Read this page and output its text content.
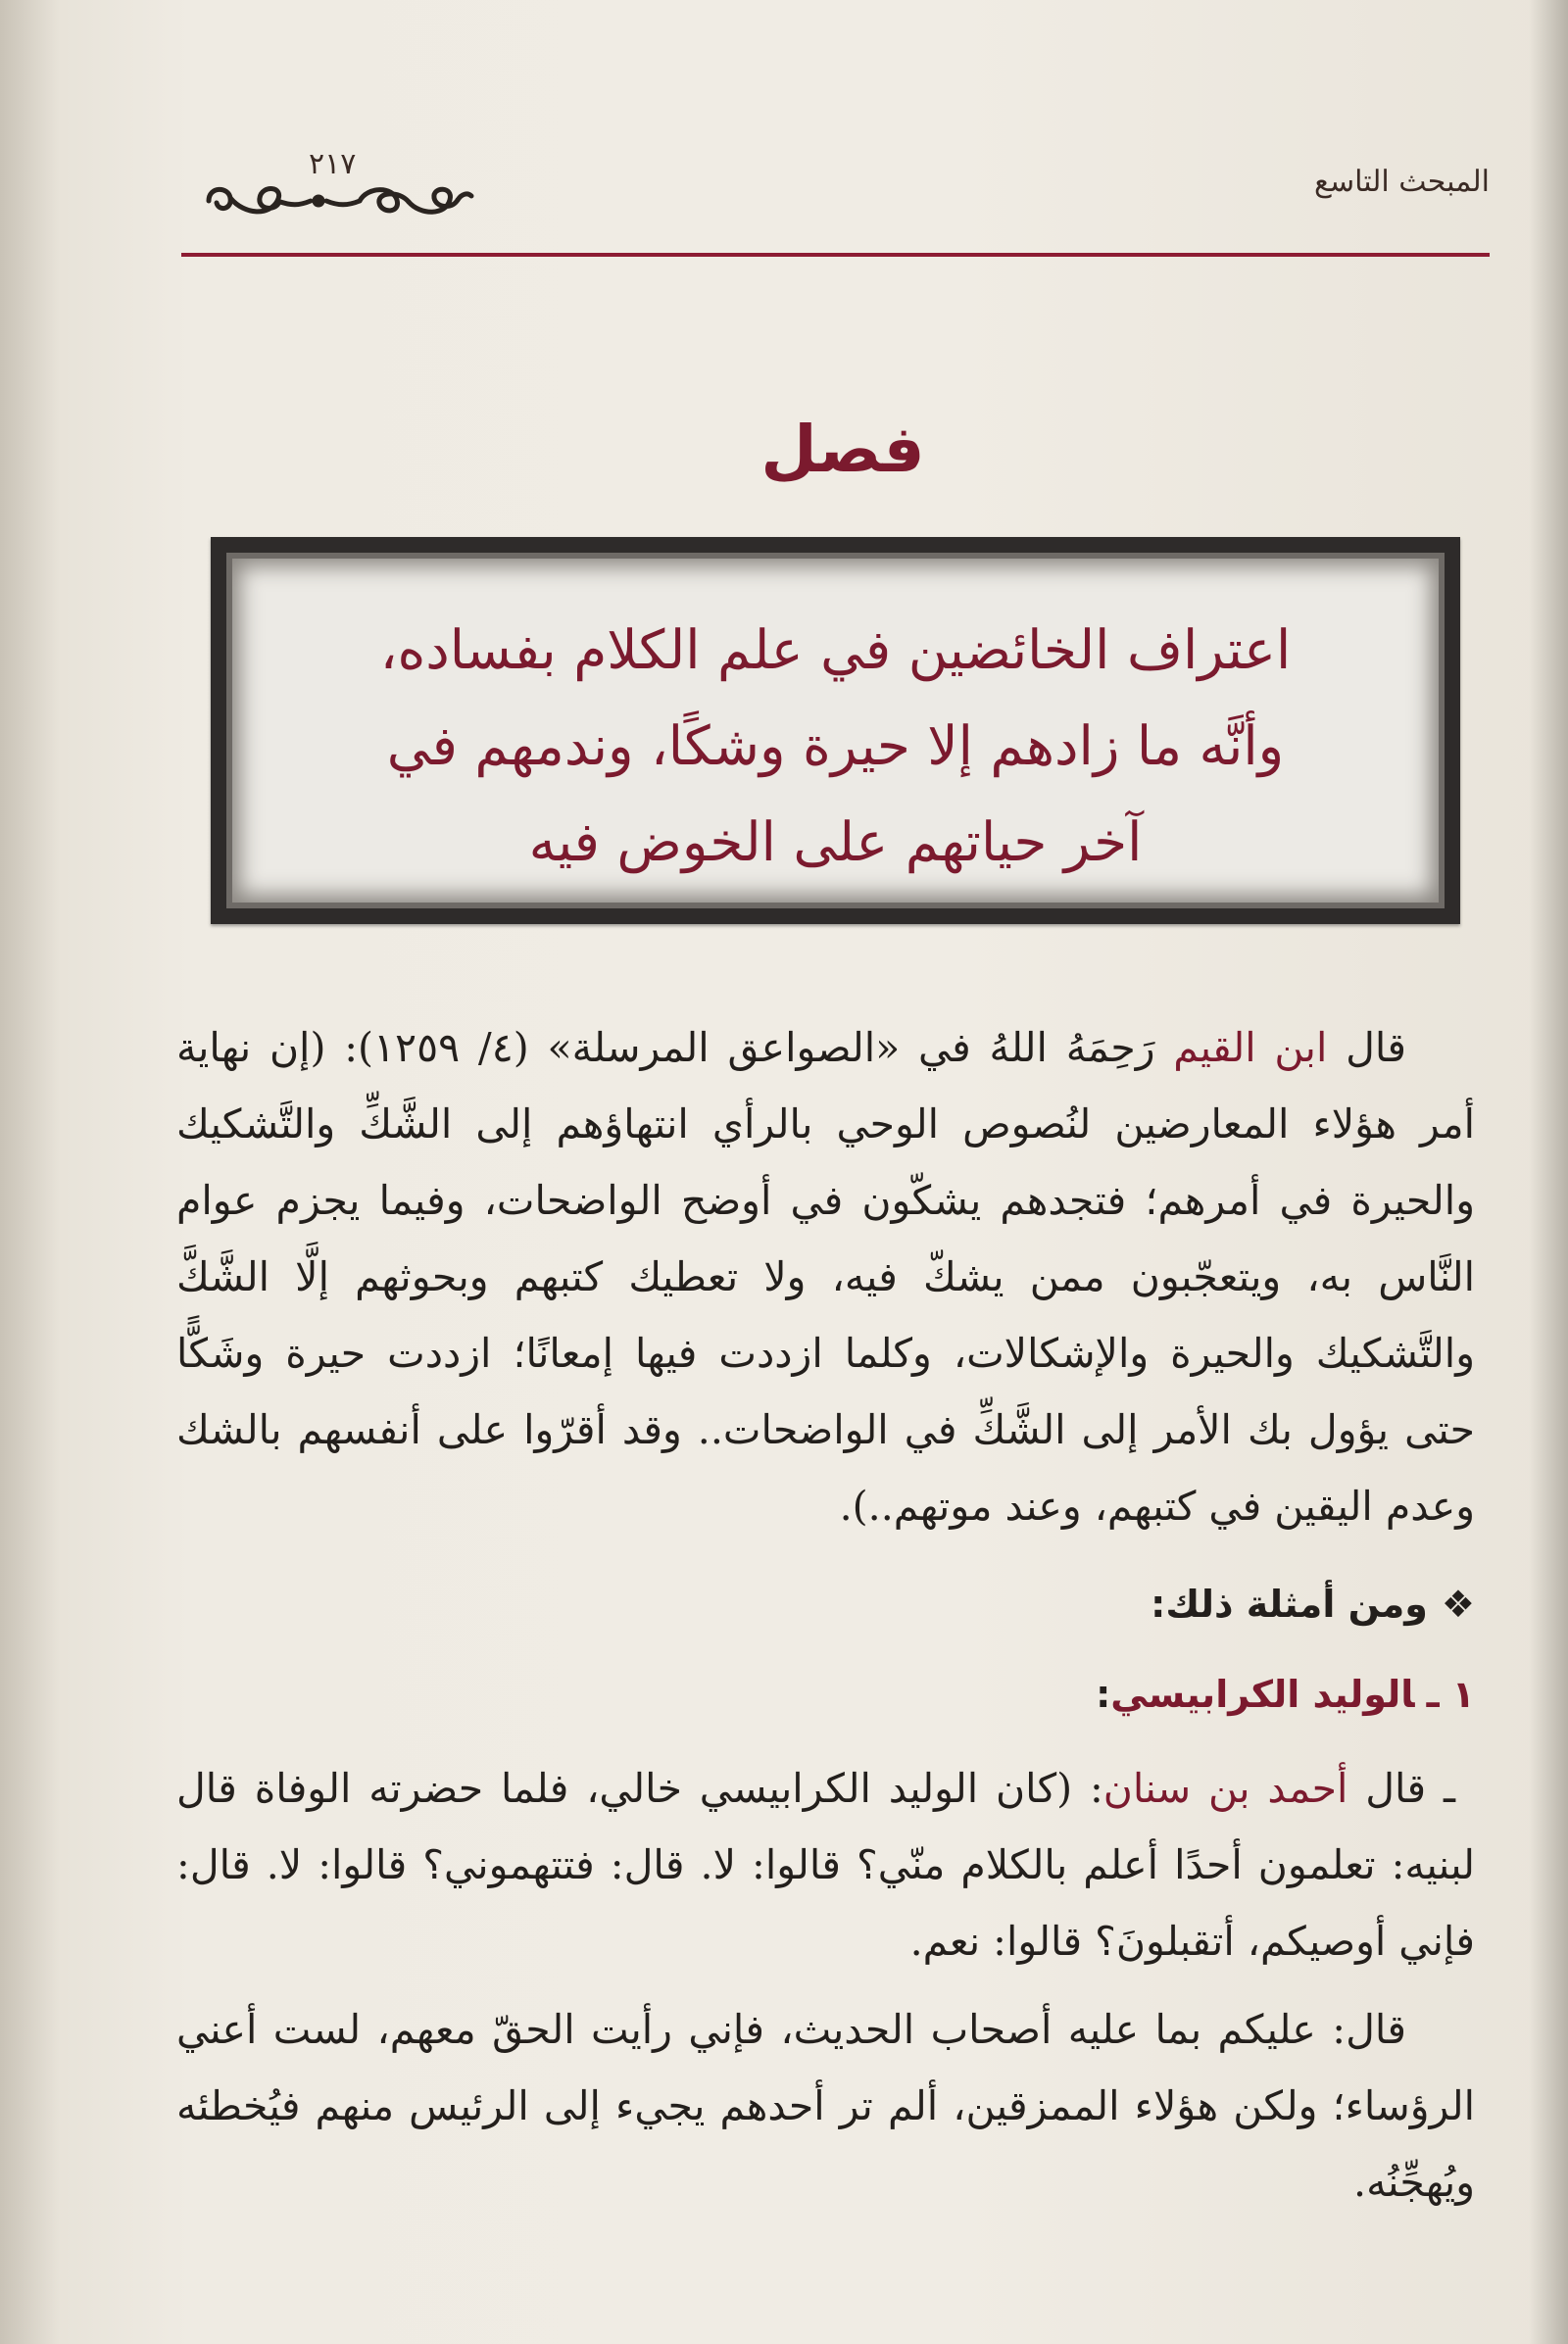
المبحث التاسع
٢١٧
فصل
اعتراف الخائضين في علم الكلام بفساده،
وأنَّه ما زادهم إلا حيرة وشكًا، وندمهم في
آخر حياتهم على الخوض فيه

قال ابن القيم رَحِمَهُ اللهُ في «الصواعق المرسلة» (٤/ ١٢٥٩): (إن نهاية أمر هؤلاء المعارضين لنُصوص الوحي بالرأي انتهاؤهم إلى الشَّكِّ والتَّشكيك والحيرة في أمرهم؛ فتجدهم يشكّون في أوضح الواضحات، وفيما يجزم عوام النَّاس به، ويتعجّبون ممن يشكّ فيه، ولا تعطيك كتبهم وبحوثهم إلَّا الشَّكَّ والتَّشكيك والحيرة والإشكالات، وكلما ازددت فيها إمعانًا؛ ازددت حيرة وشَكًّا حتى يؤول بك الأمر إلى الشَّكِّ في الواضحات.. وقد أقرّوا على أنفسهم بالشك وعدم اليقين في كتبهم، وعند موتهم..).

❖ومن أمثلة ذلك:

١ ـالوليد الكرابيسي:

ـ قال أحمد بن سنان: (كان الوليد الكرابيسي خالي، فلما حضرته الوفاة قال لبنيه: تعلمون أحدًا أعلم بالكلام منّي؟ قالوا: لا. قال: فتتهموني؟ قالوا: لا. قال: فإني أوصيكم، أتقبلونَ؟ قالوا: نعم.

قال: عليكم بما عليه أصحاب الحديث، فإني رأيت الحقّ معهم، لست أعني الرؤساء؛ ولكن هؤلاء الممزقين، ألم تر أحدهم يجيء إلى الرئيس منهم فيُخطئه ويُهجِّنُه.
